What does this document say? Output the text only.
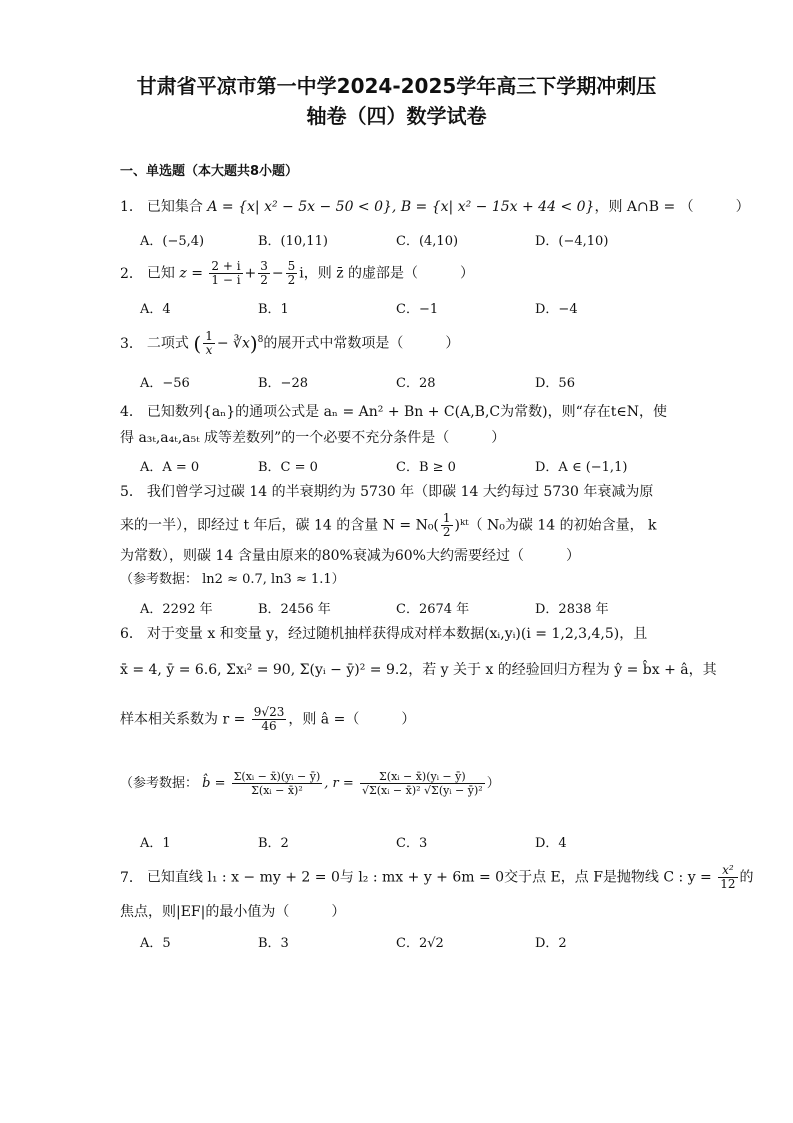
甘肃省平凉市第一中学2024-2025学年高三下学期冲刺压
轴卷（四）数学试卷
一、单选题（本大题共8小题）
1． 已知集合 A = {x| x² − 5x − 50 < 0}, B = {x| x² − 15x + 44 < 0}，则 A∩B = （　　　）
A．(−5,4)	B．(10,11)	C．(4,10)	D．(−4,10)
2． 已知 $z = \frac{2 + i}{1 - i} + \frac{3}{2} - \frac{5}{2}$ i，则 z̄ 的虚部是（　　　）
A．4	B．1	C．−1	D．−4
3． 二项式 ( $\frac{1}{x}$ − ∛x)$^8$的展开式中常数项是（　　　）
A．−56	B．−28	C．28	D．56
4． 已知数列{aₙ}的通项公式是 aₙ = An² + Bn + C(A,B,C为常数)，则“存在t∈N，使
得 a₃ₜ,a₄ₜ,a₅ₜ 成等差数列”的一个必要不充分条件是（　　　）
A．A = 0	B．C = 0	C．B ≥ 0	D．A ∈ (−1,1)
5． 我们曾学习过碳 14 的半衰期约为 5730 年（即碳 14 大约每过 5730 年衰减为原
来的一半），即经过 t 年后，碳 14 的含量 $N = N_0( \frac{1}{2}$ )ᵏᵗ（ N₀为碳 14 的初始含量， k
为常数），则碳 14 含量由原来的80%衰减为60%大约需要经过（　　　）
（参考数据： ln2 ≈ 0.7, ln3 ≈ 1.1）
A．2292 年	B．2456 年	C．2674 年	D．2838 年
6． 对于变量 x 和变量 y，经过随机抽样获得成对样本数据(xᵢ,yᵢ)(i = 1,2,3,4,5)，且
x̄ = 4, ȳ = 6.6, Σxᵢ² = 90, Σ(yᵢ − ȳ)² = 9.2，若 y 关于 x 的经验回归方程为 ŷ = b̂x + â，其
样本相关系数为 $r = \frac{9√23}{46}$ ，则 â =（　　　）
（参考数据： b̂ = $\frac{\text{Σ(xᵢ − x̄)(yᵢ − ȳ)}}{\text{Σ(xᵢ − x̄)²}}$ , $r = \frac{\text{Σ(xᵢ − x̄)(yᵢ − ȳ)}}{\text{√Σ(xᵢ − x̄)² √Σ(yᵢ − ȳ)²}}$ ）
A．1	B．2	C．3	D．4
7． 已知直线 l₁ : x − my + 2 = 0与 l₂ : mx + y + 6m = 0交于点 E，点 F是抛物线 C : $y = \frac{\text{x²}}{12}$ 的
焦点，则|EF|的最小值为（　　　）
A．5	B．3	C．2√2	D．2
